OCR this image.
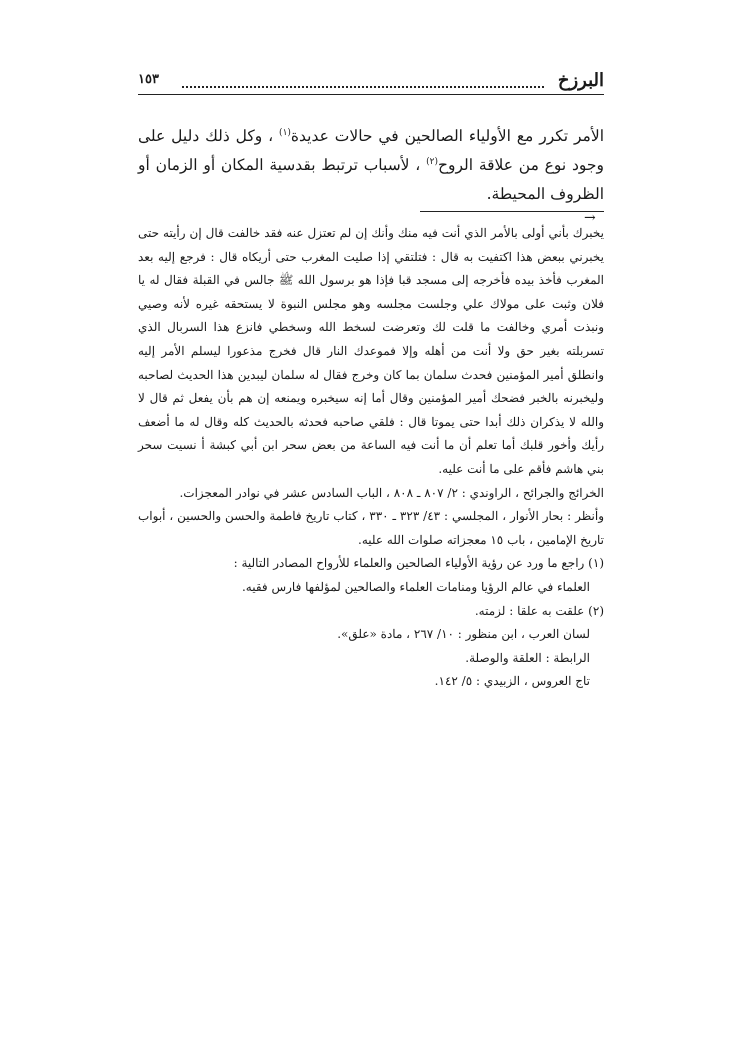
البرزخ
١٥٣

الأمر تكرر مع الأولياء الصالحين في حالات عديدة$^{(١)}$ ، وكل ذلك دليل على وجود نوع من علاقة الروح$^{(٢)}$ ، لأسباب ترتبط بقدسية المكان أو الزمان أو الظروف المحيطة.

→

يخبرك بأني أولى بالأمر الذي أنت فيه منك وأنك إن لم تعتزل عنه فقد خالفت قال إن رأيته حتى يخبرني ببعض هذا اكتفيت به قال : فتلتقي إذا صليت المغرب حتى أريكاه قال : فرجع إليه بعد المغرب فأخذ بيده فأخرجه إلى مسجد قبا فإذا هو برسول الله ﷺ جالس في القبلة فقال له يا فلان وثبت على مولاك علي وجلست مجلسه وهو مجلس النبوة لا يستحقه غيره لأنه وصيي ونبذت أمري وخالفت ما قلت لك وتعرضت لسخط الله وسخطي فانزع هذا السربال الذي تسربلته بغير حق ولا أنت من أهله وإلا فموعدك النار قال فخرج مذعورا ليسلم الأمر إليه وانطلق أمير المؤمنين فحدث سلمان بما كان وخرج فقال له سلمان ليبدين هذا الحديث لصاحبه وليخبرنه بالخبر فضحك أمير المؤمنين وقال أما إنه سيخبره ويمنعه إن هم بأن يفعل ثم قال لا والله لا يذكران ذلك أبدا حتى يموتا قال : فلقي صاحبه فحدثه بالحديث كله وقال له ما أضعف رأيك وأخور قلبك أما تعلم أن ما أنت فيه الساعة من بعض سحر ابن أبي كبشة أ نسيت سحر بني هاشم فأقم على ما أنت عليه.

الخرائج والجرائح ، الراوندي : ٢/ ٨٠٧ ـ ٨٠٨ ، الباب السادس عشر في نوادر المعجزات.

وأنظر : بحار الأنوار ، المجلسي : ٤٣/ ٣٢٣ ـ ٣٣٠ ، كتاب تاريخ فاطمة والحسن والحسين ، أبواب تاريخ الإمامين ، باب ١٥ معجزاته صلوات الله عليه.

(١) راجع ما ورد عن رؤية الأولياء الصالحين والعلماء للأرواح المصادر التالية :

العلماء في عالم الرؤيا ومنامات العلماء والصالحين لمؤلفها فارس فقيه.

(٢) علقت به علقا : لزمته.

لسان العرب ، ابن منظور : ١٠/ ٢٦٧ ، مادة «علق».

الرابطة : العلقة والوصلة.

تاج العروس ، الزبيدي : ٥/ ١٤٢.
